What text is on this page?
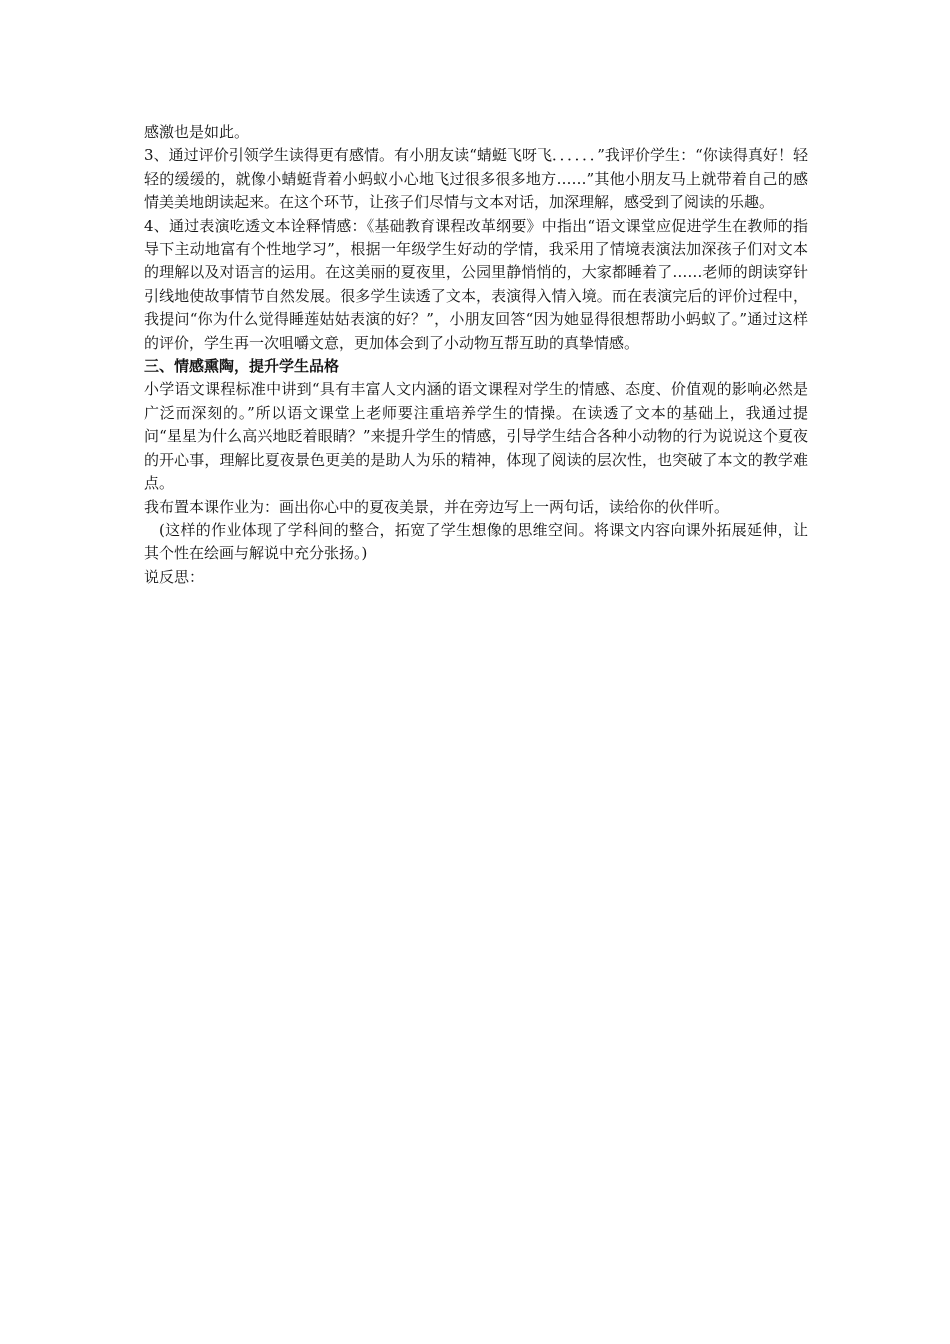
感激也是如此。

3、通过评价引领学生读得更有感情。有小朋友读“蜻蜓飞呀飞．．．．．．”我评价学生：“你读得真好！轻轻的缓缓的，就像小蜻蜓背着小蚂蚁小心地飞过很多很多地方……”其他小朋友马上就带着自己的感情美美地朗读起来。在这个环节，让孩子们尽情与文本对话，加深理解，感受到了阅读的乐趣。

4、通过表演吃透文本诠释情感：《基础教育课程改革纲要》中指出“语文课堂应促进学生在教师的指导下主动地富有个性地学习”，根据一年级学生好动的学情，我采用了情境表演法加深孩子们对文本的理解以及对语言的运用。在这美丽的夏夜里，公园里静悄悄的，大家都睡着了……老师的朗读穿针引线地使故事情节自然发展。很多学生读透了文本，表演得入情入境。而在表演完后的评价过程中，我提问“你为什么觉得睡莲姑姑表演的好？”，小朋友回答“因为她显得很想帮助小蚂蚁了。”通过这样的评价，学生再一次咀嚼文意，更加体会到了小动物互帮互助的真挚情感。

三、情感熏陶，提升学生品格

小学语文课程标准中讲到“具有丰富人文内涵的语文课程对学生的情感、态度、价值观的影响必然是广泛而深刻的。”所以语文课堂上老师要注重培养学生的情操。在读透了文本的基础上，我通过提问“星星为什么高兴地眨着眼睛？”来提升学生的情感，引导学生结合各种小动物的行为说说这个夏夜的开心事，理解比夏夜景色更美的是助人为乐的精神，体现了阅读的层次性，也突破了本文的教学难点。

我布置本课作业为：画出你心中的夏夜美景，并在旁边写上一两句话，读给你的伙伴听。

(这样的作业体现了学科间的整合，拓宽了学生想像的思维空间。将课文内容向课外拓展延伸，让其个性在绘画与解说中充分张扬。)

说反思：
